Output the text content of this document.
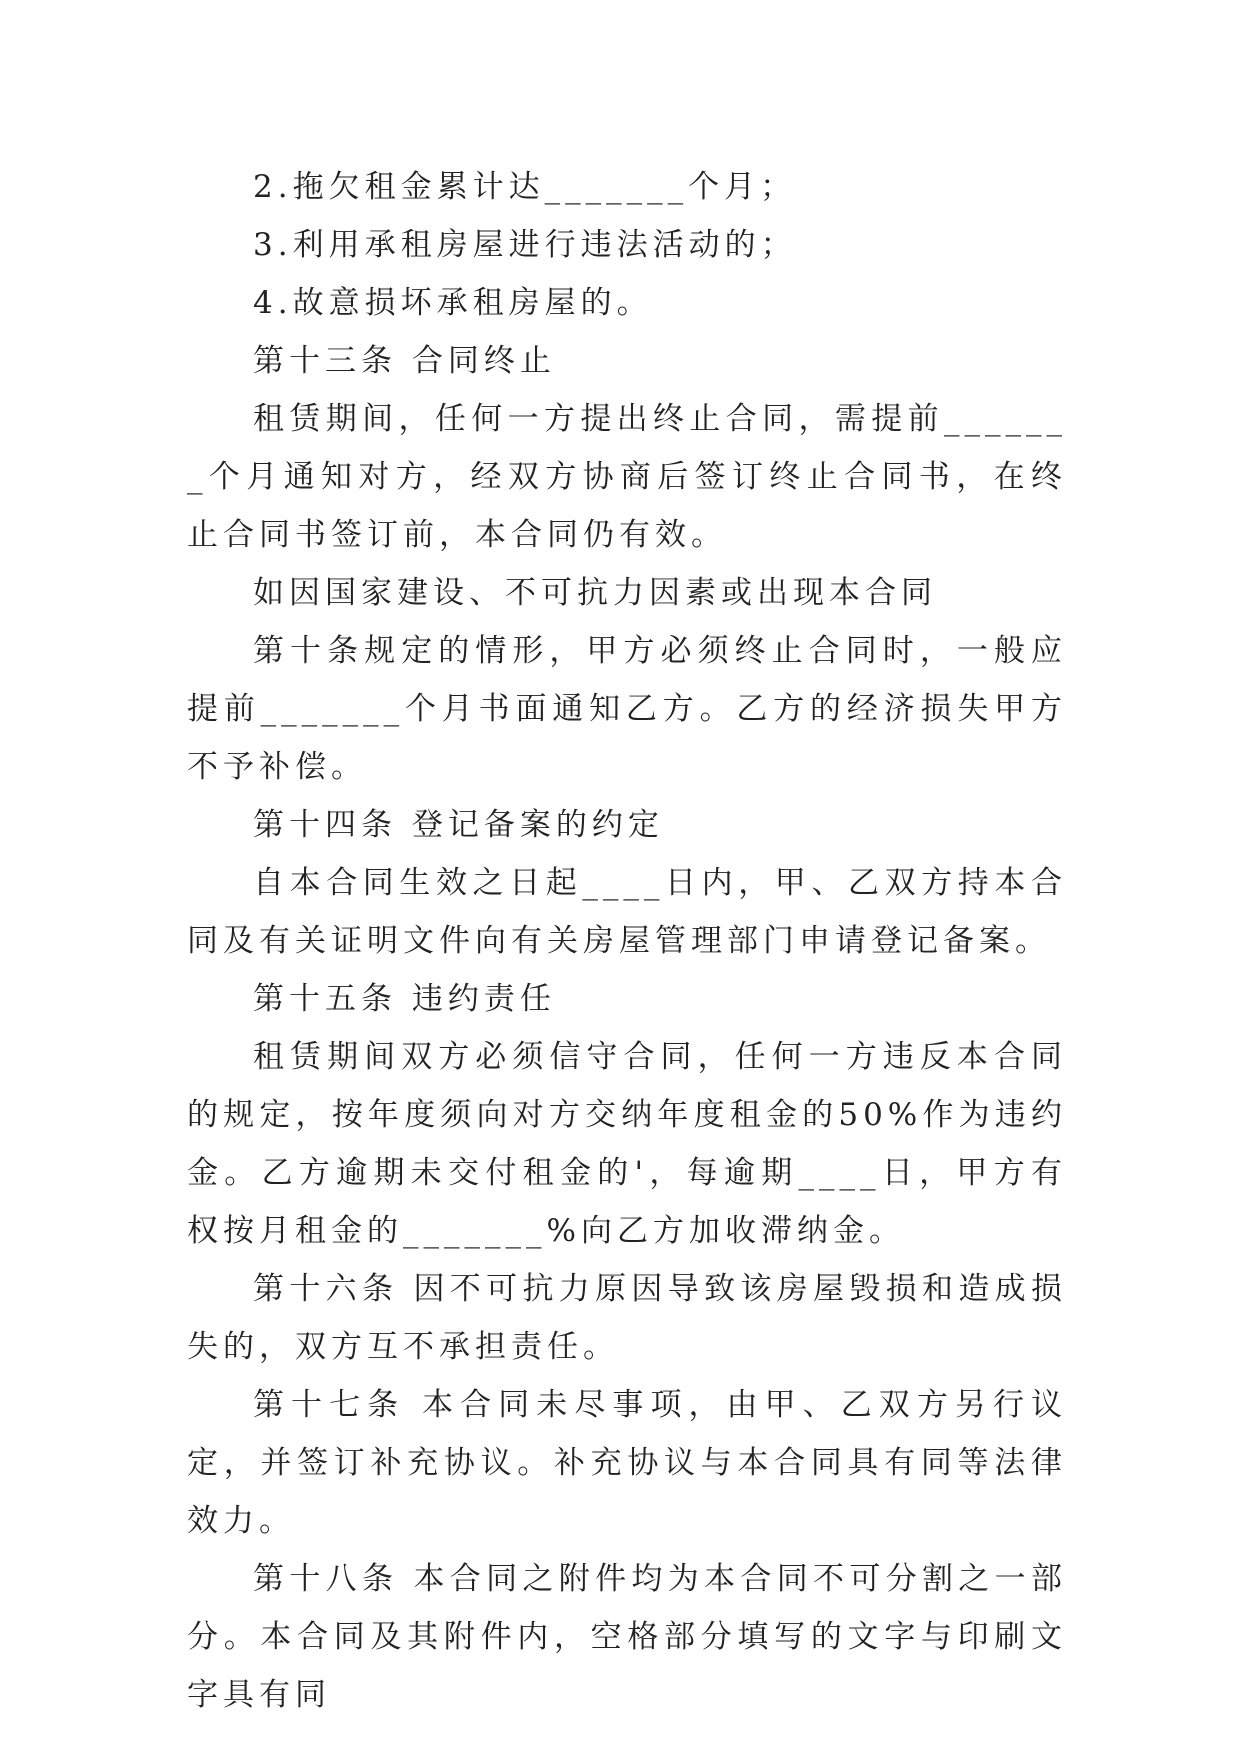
2.拖欠租金累计达_______个月；

3.利用承租房屋进行违法活动的；

4.故意损坏承租房屋的。

第十三条 合同终止

租赁期间，任何一方提出终止合同，需提前_______个月通知对方，经双方协商后签订终止合同书，在终止合同书签订前，本合同仍有效。

如因国家建设、不可抗力因素或出现本合同

第十条规定的情形，甲方必须终止合同时，一般应提前_______个月书面通知乙方。乙方的经济损失甲方不予补偿。

第十四条 登记备案的约定

自本合同生效之日起____日内，甲、乙双方持本合同及有关证明文件向有关房屋管理部门申请登记备案。

第十五条 违约责任

租赁期间双方必须信守合同，任何一方违反本合同的规定，按年度须向对方交纳年度租金的50%作为违约金。乙方逾期未交付租金的'，每逾期____日，甲方有权按月租金的_______%向乙方加收滞纳金。

第十六条 因不可抗力原因导致该房屋毁损和造成损失的，双方互不承担责任。

第十七条 本合同未尽事项，由甲、乙双方另行议定，并签订补充协议。补充协议与本合同具有同等法律效力。

第十八条 本合同之附件均为本合同不可分割之一部分。本合同及其附件内，空格部分填写的文字与印刷文字具有同
